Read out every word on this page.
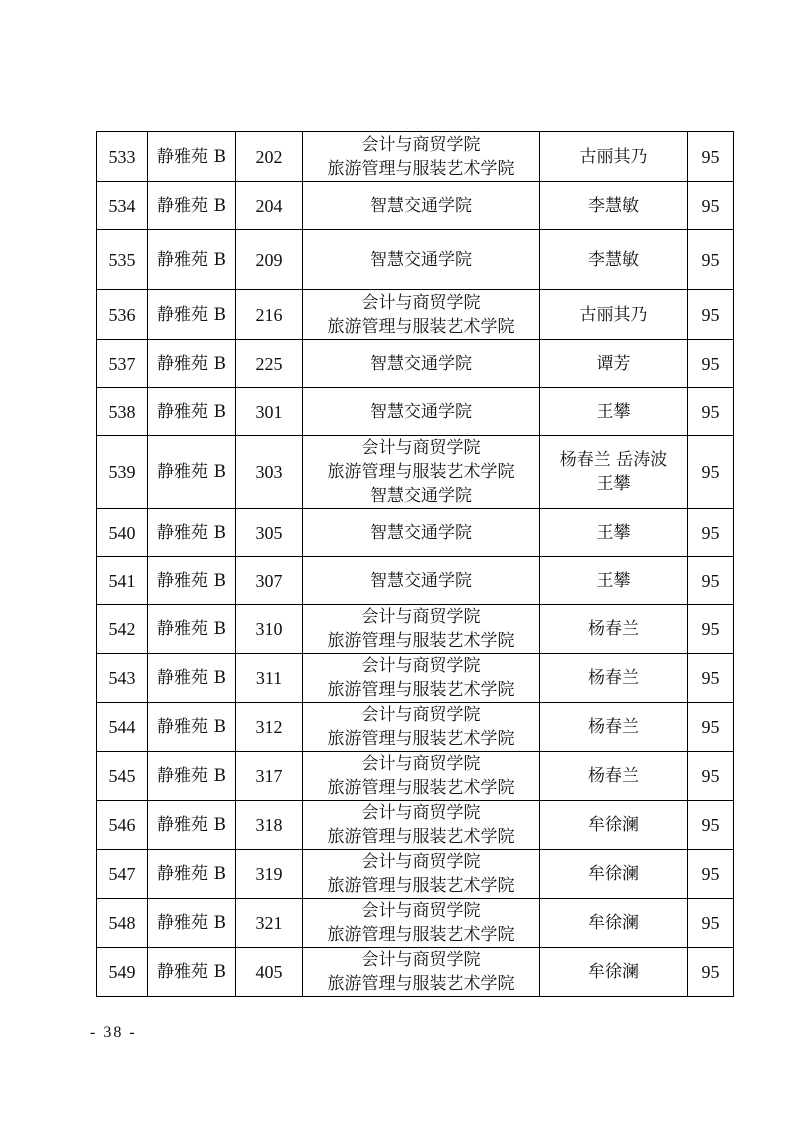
533	静雅苑 B	202	会计与商贸学院
旅游管理与服装艺术学院	古丽其乃	95
534	静雅苑 B	204	智慧交通学院	李慧敏	95
535	静雅苑 B	209	智慧交通学院	李慧敏	95
536	静雅苑 B	216	会计与商贸学院
旅游管理与服装艺术学院	古丽其乃	95
537	静雅苑 B	225	智慧交通学院	谭芳	95
538	静雅苑 B	301	智慧交通学院	王攀	95
539	静雅苑 B	303	会计与商贸学院
旅游管理与服装艺术学院
智慧交通学院	杨春兰 岳涛波
王攀	95
540	静雅苑 B	305	智慧交通学院	王攀	95
541	静雅苑 B	307	智慧交通学院	王攀	95
542	静雅苑 B	310	会计与商贸学院
旅游管理与服装艺术学院	杨春兰	95
543	静雅苑 B	311	会计与商贸学院
旅游管理与服装艺术学院	杨春兰	95
544	静雅苑 B	312	会计与商贸学院
旅游管理与服装艺术学院	杨春兰	95
545	静雅苑 B	317	会计与商贸学院
旅游管理与服装艺术学院	杨春兰	95
546	静雅苑 B	318	会计与商贸学院
旅游管理与服装艺术学院	牟徐澜	95
547	静雅苑 B	319	会计与商贸学院
旅游管理与服装艺术学院	牟徐澜	95
548	静雅苑 B	321	会计与商贸学院
旅游管理与服装艺术学院	牟徐澜	95
549	静雅苑 B	405	会计与商贸学院
旅游管理与服装艺术学院	牟徐澜	95
- 38 -
